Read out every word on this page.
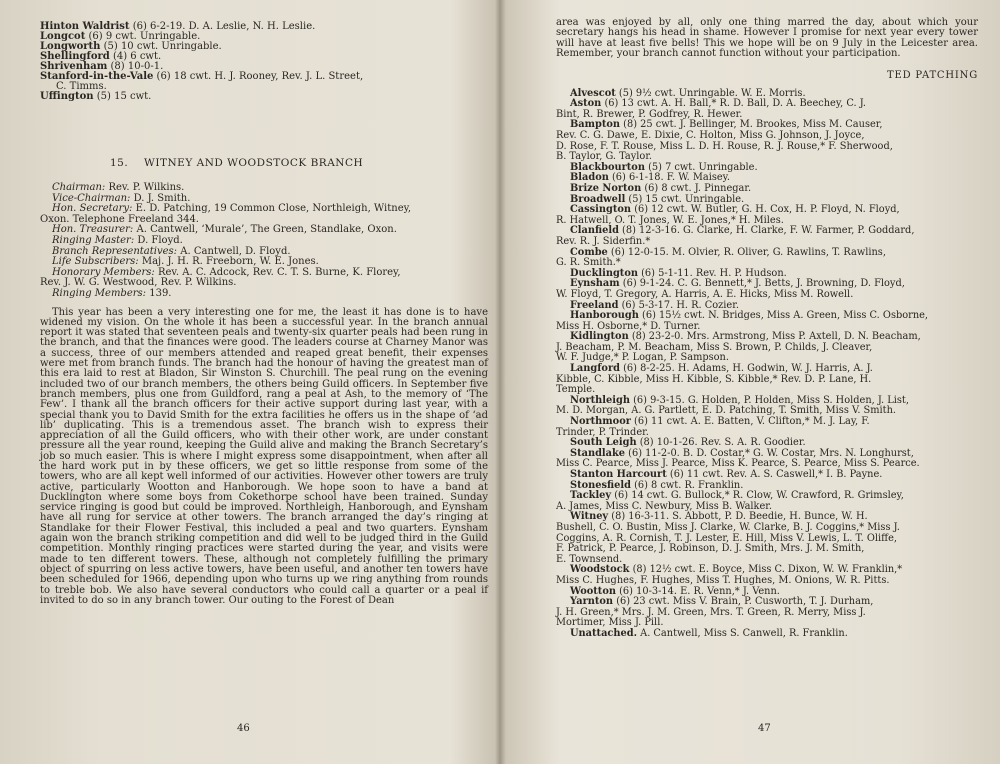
Hinton Waldrist (6) 6-2-19. D. A. Leslie, N. H. Leslie.
Longcot (6) 9 cwt. Unringable.
Longworth (5) 10 cwt. Unringable.
Shellingford (4) 6 cwt.
Shrivenham (8) 10-0-1.
Stanford-in-the-Vale (6) 18 cwt. H. J. Rooney, Rev. J. L. Street,
C. Timms.
Uffington (5) 15 cwt.
15. WITNEY AND WOODSTOCK BRANCH
Chairman: Rev. P. Wilkins.
Vice-Chairman: D. J. Smith.
Hon. Secretary: E. D. Patching, 19 Common Close, Northleigh, Witney,
Oxon. Telephone Freeland 344.
Hon. Treasurer: A. Cantwell, ‘Murale’, The Green, Standlake, Oxon.
Ringing Master: D. Floyd.
Branch Representatives: A. Cantwell, D. Floyd.
Life Subscribers: Maj. J. H. R. Freeborn, W. E. Jones.
Honorary Members: Rev. A. C. Adcock, Rev. C. T. S. Burne, K. Florey,
Rev. J. W. G. Westwood, Rev. P. Wilkins.
Ringing Members: 139.
This year has been a very interesting one for me, the least it has done is to have widened my vision. On the whole it has been a successful year. In the branch annual report it was stated that seventeen peals and twenty-six quarter peals had been rung in the branch, and that the finances were good. The leaders course at Charney Manor was a success, three of our members attended and reaped great benefit, their expenses were met from branch funds. The branch had the honour of having the greatest man of this era laid to rest at Bladon, Sir Winston S. Churchill. The peal rung on the evening included two of our branch members, the others being Guild officers. In September five branch members, plus one from Guildford, rang a peal at Ash, to the memory of ‘The Few’. I thank all the branch officers for their active support during last year, with a special thank you to David Smith for the extra facilities he offers us in the shape of ‘ad lib’ duplicating. This is a tremendous asset. The branch wish to express their appreciation of all the Guild officers, who with their other work, are under constant pressure all the year round, keeping the Guild alive and making the Branch Secretary’s job so much easier. This is where I might express some disappointment, when after all the hard work put in by these officers, we get so little response from some of the towers, who are all kept well informed of our activities. However other towers are truly active, particularly Wootton and Hanborough. We hope soon to have a band at Ducklington where some boys from Cokethorpe school have been trained. Sunday service ringing is good but could be improved. Northleigh, Hanborough, and Eynsham have all rung for service at other towers. The branch arranged the day’s ringing at Standlake for their Flower Festival, this included a peal and two quarters. Eynsham again won the branch striking competition and did well to be judged third in the Guild competition. Monthly ringing practices were started during the year, and visits were made to ten different towers. These, although not completely fulfilling the primary object of spurring on less active towers, have been useful, and another ten towers have been scheduled for 1966, depending upon who turns up we ring anything from rounds to treble bob. We also have several conductors who could call a quarter or a peal if invited to do so in any branch tower. Our outing to the Forest of Dean
46
area was enjoyed by all, only one thing marred the day, about which your secretary hangs his head in shame. However I promise for next year every tower will have at least five bells! This we hope will be on 9 July in the Leicester area. Remember, your branch cannot function without your participation.
TED PATCHING
Alvescot (5) 9½ cwt. Unringable. W. E. Morris.
Aston (6) 13 cwt. A. H. Ball,* R. D. Ball, D. A. Beechey, C. J.
Bint, R. Brewer, P. Godfrey, R. Hewer.
Bampton (8) 25 cwt. J. Bellinger, M. Brookes, Miss M. Causer,
Rev. C. G. Dawe, E. Dixie, C. Holton, Miss G. Johnson, J. Joyce,
D. Rose, F. T. Rouse, Miss L. D. H. Rouse, R. J. Rouse,* F. Sherwood,
B. Taylor, G. Taylor.
Blackbourton (5) 7 cwt. Unringable.
Bladon (6) 6-1-18. F. W. Maisey.
Brize Norton (6) 8 cwt. J. Pinnegar.
Broadwell (5) 15 cwt. Unringable.
Cassington (6) 12 cwt. W. Butler, G. H. Cox, H. P. Floyd, N. Floyd,
R. Hatwell, O. T. Jones, W. E. Jones,* H. Miles.
Clanfield (8) 12-3-16. G. Clarke, H. Clarke, F. W. Farmer, P. Goddard,
Rev. R. J. Siderfin.*
Combe (6) 12-0-15. M. Olvier, R. Oliver, G. Rawlins, T. Rawlins,
G. R. Smith.*
Ducklington (6) 5-1-11. Rev. H. P. Hudson.
Eynsham (6) 9-1-24. C. G. Bennett,* J. Betts, J. Browning, D. Floyd,
W. Floyd, T. Gregory, A. Harris, A. E. Hicks, Miss M. Rowell.
Freeland (6) 5-3-17. H. R. Cozier.
Hanborough (6) 15½ cwt. N. Bridges, Miss A. Green, Miss C. Osborne,
Miss H. Osborne,* D. Turner.
Kidlington (8) 23-2-0. Mrs. Armstrong, Miss P. Axtell, D. N. Beacham,
J. Beacham, P. M. Beacham, Miss S. Brown, P. Childs, J. Cleaver,
W. F. Judge,* P. Logan, P. Sampson.
Langford (6) 8-2-25. H. Adams, H. Godwin, W. J. Harris, A. J.
Kibble, C. Kibble, Miss H. Kibble, S. Kibble,* Rev. D. P. Lane, H.
Temple.
Northleigh (6) 9-3-15. G. Holden, P. Holden, Miss S. Holden, J. List,
M. D. Morgan, A. G. Partlett, E. D. Patching, T. Smith, Miss V. Smith.
Northmoor (6) 11 cwt. A. E. Batten, V. Clifton,* M. J. Lay, F.
Trinder, P. Trinder.
South Leigh (8) 10-1-26. Rev. S. A. R. Goodier.
Standlake (6) 11-2-0. B. D. Costar,* G. W. Costar, Mrs. N. Longhurst,
Miss C. Pearce, Miss J. Pearce, Miss K. Pearce, S. Pearce, Miss S. Pearce.
Stanton Harcourt (6) 11 cwt. Rev. A. S. Caswell,* I. B. Payne.
Stonesfield (6) 8 cwt. R. Franklin.
Tackley (6) 14 cwt. G. Bullock,* R. Clow, W. Crawford, R. Grimsley,
A. James, Miss C. Newbury, Miss B. Walker.
Witney (8) 16-3-11. S. Abbott, P. D. Beedie, H. Bunce, W. H.
Bushell, C. O. Bustin, Miss J. Clarke, W. Clarke, B. J. Coggins,* Miss J.
Coggins, A. R. Cornish, T. J. Lester, E. Hill, Miss V. Lewis, L. T. Oliffe,
F. Patrick, P. Pearce, J. Robinson, D. J. Smith, Mrs. J. M. Smith,
E. Townsend.
Woodstock (8) 12½ cwt. E. Boyce, Miss C. Dixon, W. W. Franklin,*
Miss C. Hughes, F. Hughes, Miss T. Hughes, M. Onions, W. R. Pitts.
Wootton (6) 10-3-14. E. R. Venn,* J. Venn.
Yarnton (6) 23 cwt. Miss V. Brain, P. Cusworth, T. J. Durham,
J. H. Green,* Mrs. J. M. Green, Mrs. T. Green, R. Merry, Miss J.
Mortimer, Miss J. Pill.
Unattached. A. Cantwell, Miss S. Canwell, R. Franklin.
47
